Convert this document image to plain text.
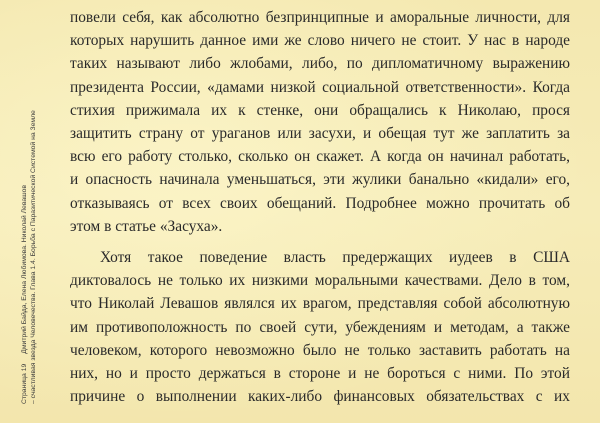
Страница 19Дмитрий Байда, Елена Любимова. Николай Левашов – счастливая звезда Человечества. Глава 1.4. Борьба с Паразитической Системой на Земле

повели себя, как абсолютно безпринципные и аморальные личности, для
которых нарушить данное ими же слово ничего не стоит. У нас в народе
таких называют либо жлобами, либо, по дипломатичному выражению
президента России, «дамами низкой социальной ответственности». Когда
стихия прижимала их к стенке, они обращались к Николаю, прося
защитить страну от ураганов или засухи, и обещая тут же заплатить за
всю его работу столько, сколько он скажет. А когда он начинал работать,
и опасность начинала уменьшаться, эти жулики банально «кидали» его,
отказываясь от всех своих обещаний. Подробнее можно прочитать об
этом в статье «Засуха».

Хотя такое поведение власть предержащих иудеев в США
диктовалось не только их низкими моральными качествами. Дело в том,
что Николай Левашов являлся их врагом, представляя собой абсолютную
им противоположность по своей сути, убеждениям и методам, а также
человеком, которого невозможно было не только заставить работать на
них, но и просто держаться в стороне и не бороться с ними. По этой
причине о выполнении каких-либо финансовых обязательствах с их
